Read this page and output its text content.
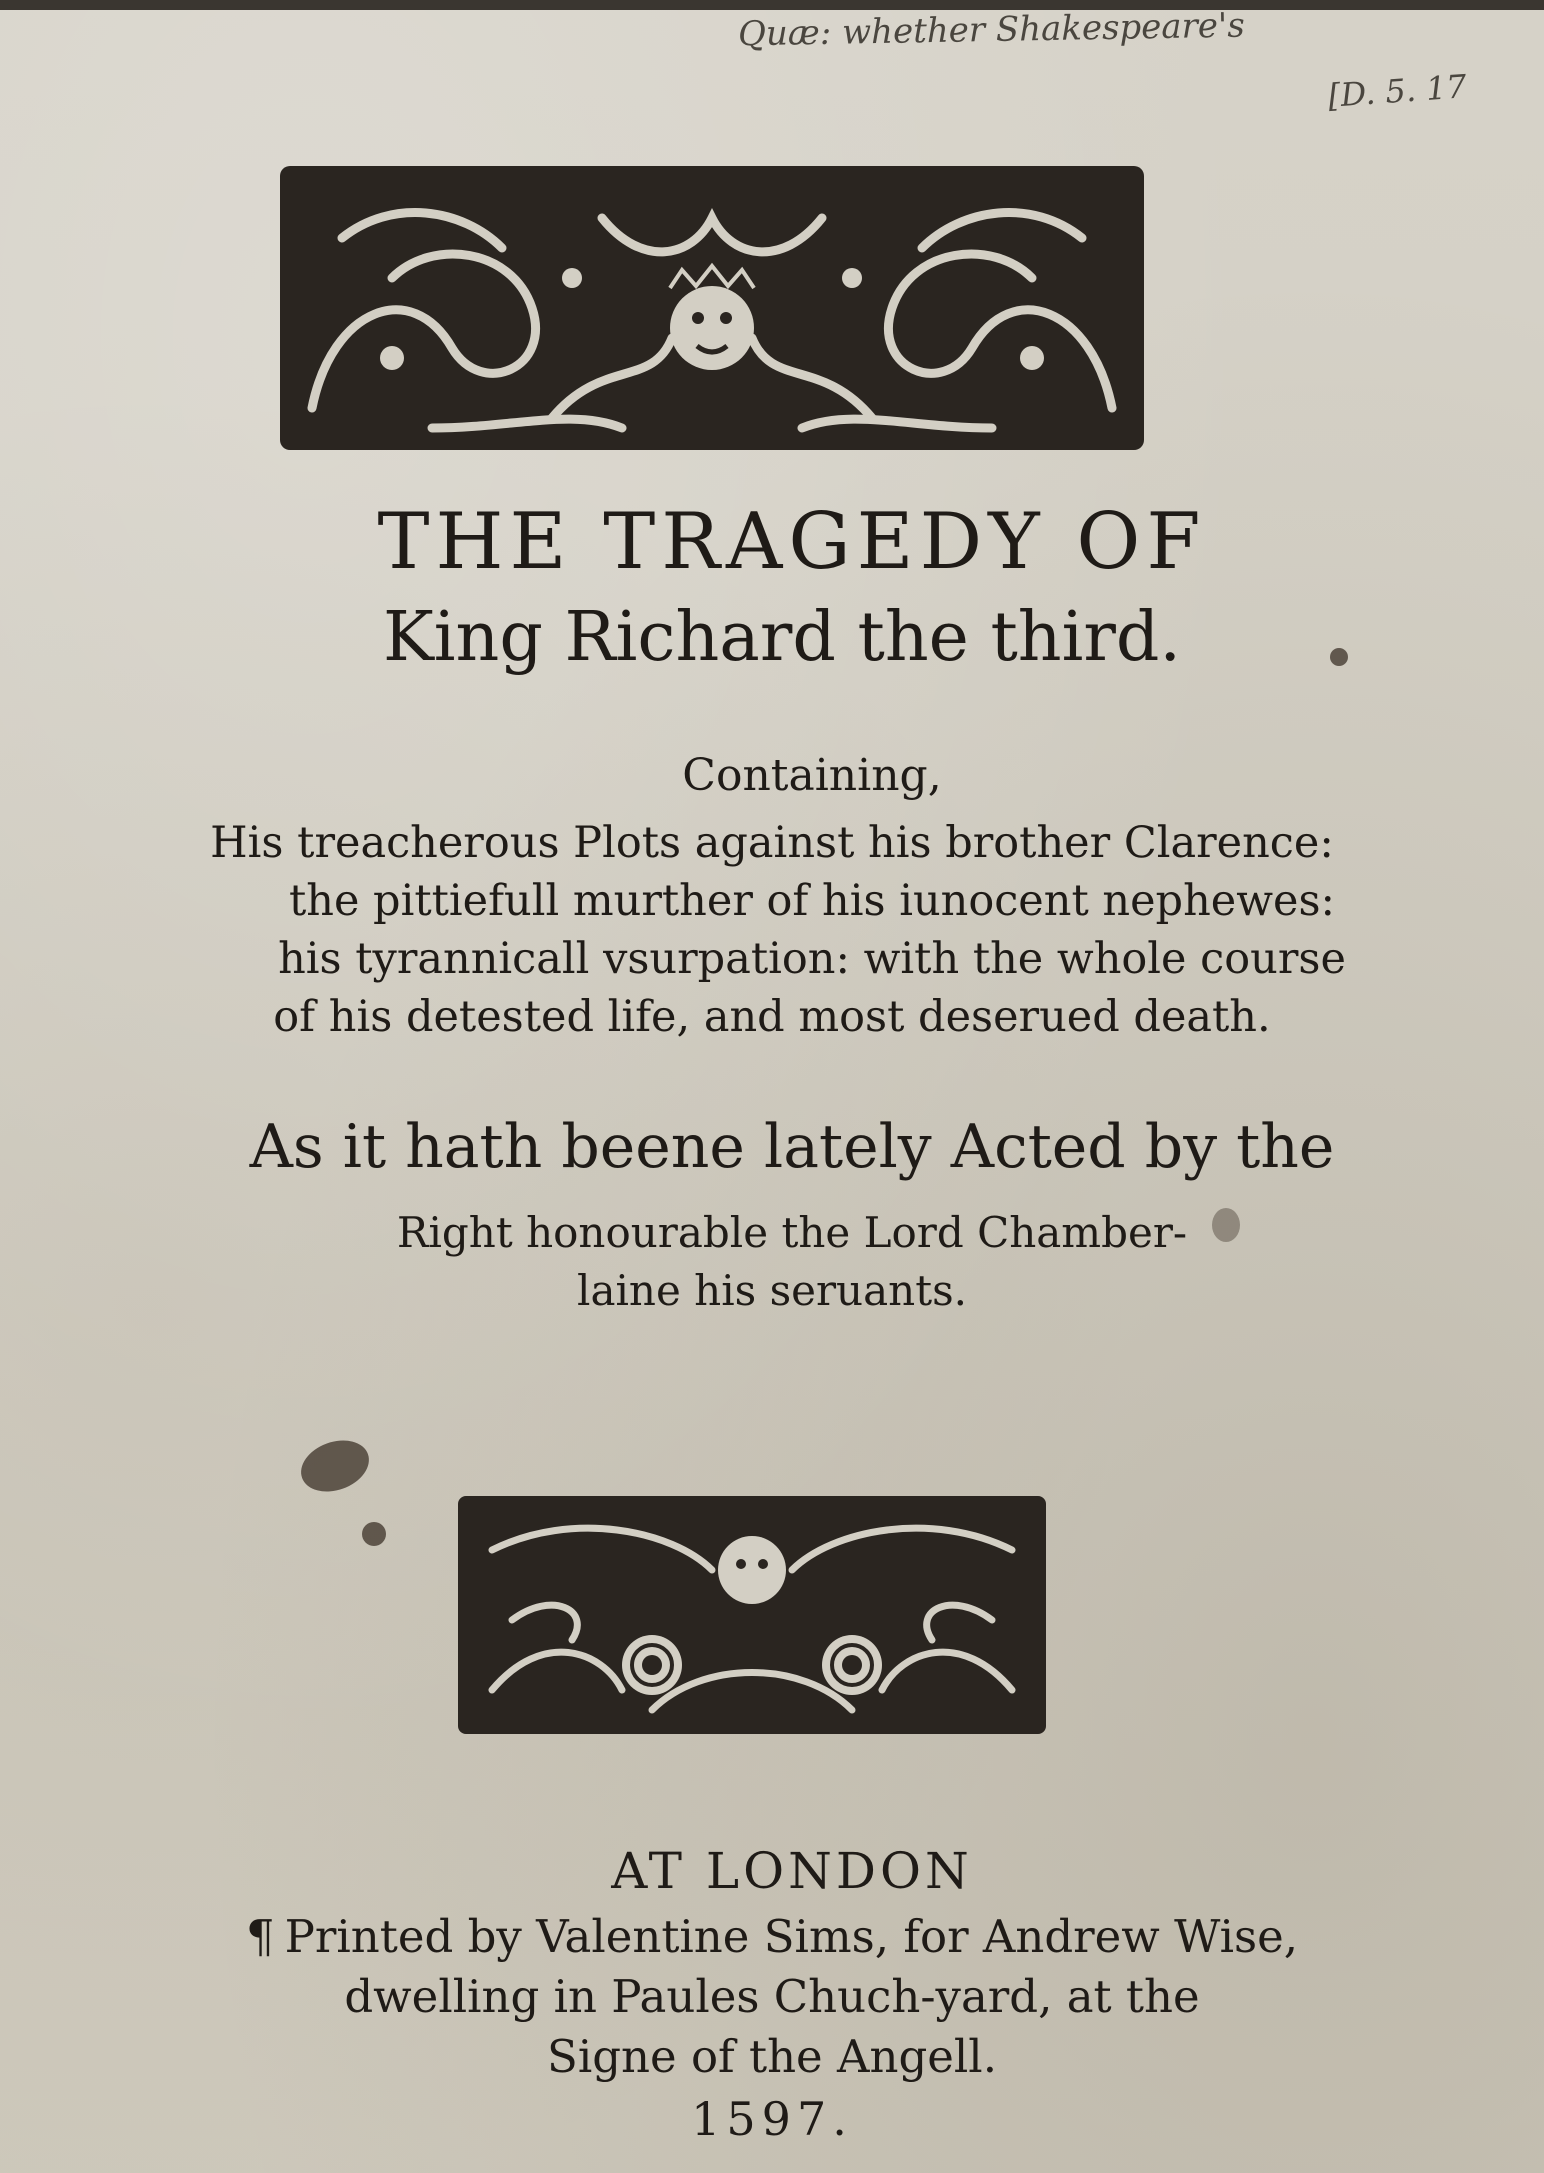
Quæ: whether Shakespeare's
[D. 5. 17
THE TRAGEDY OF
King Richard the third.
Containing,
His treacherous Plots against his brother Clarence:
the pittiefull murther of his iunocent nephewes:
his tyrannicall vsurpation: with the whole course
of his detested life, and most deserued death.
As it hath beene lately Acted by the
Right honourable the Lord Chamber-
laine his seruants.
AT LONDON
¶ Printed by Valentine Sims, for Andrew Wise,
dwelling in Paules Chuch-yard, at the
Signe of the Angell.
1597.
